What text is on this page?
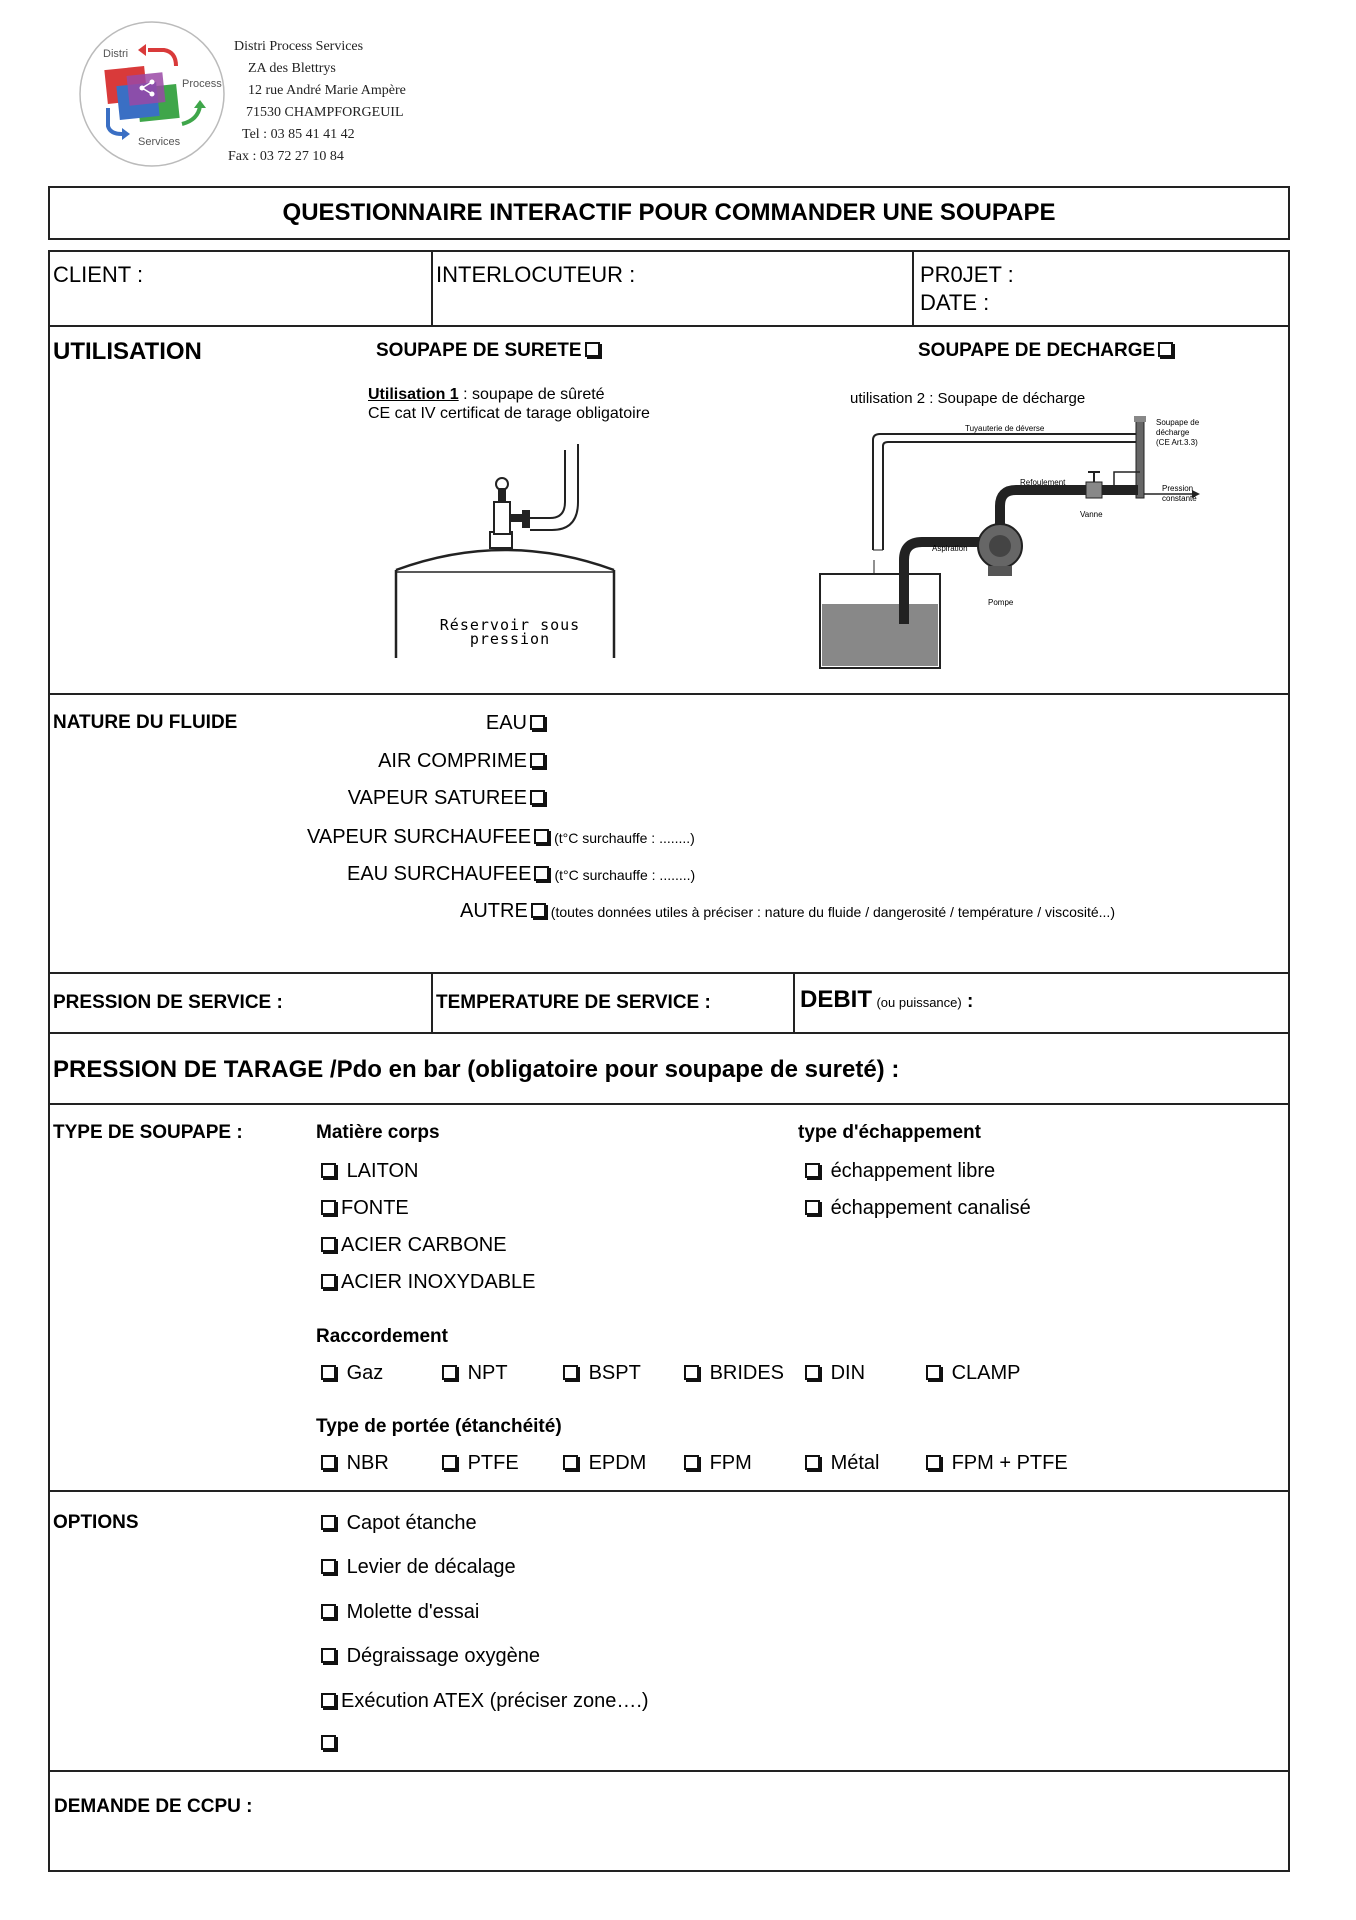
Distri
Process
Services
Distri Process Services
ZA des Blettrys
12 rue André Marie Ampère
71530 CHAMPFORGEUIL
Tel : 03 85 41 41 42
Fax : 03 72 27 10 84
QUESTIONNAIRE INTERACTIF POUR COMMANDER UNE SOUPAPE
CLIENT :	INTERLOCUTEUR :	PR0JET :
DATE :
UTILISATION	SOUPAPE DE SURETE	SOUPAPE DE DECHARGE
Utilisation 1 : soupape de sûreté
CE cat IV certificat de tarage obligatoire
Réservoir sous
pression
utilisation 2 : Soupape de décharge
Tuyauterie de déverse
Soupape de
décharge
(CE Art.3.3)
Refoulement
Pression
constante
Vanne
Aspiration
Pompe
NATURE DU FLUIDE	EAU
AIR COMPRIME
VAPEUR SATUREE
VAPEUR SURCHAUFEE (t°C surchauffe : ........)
EAU SURCHAUFEE (t°C surchauffe : ........)
AUTRE (toutes données utiles à préciser : nature du fluide / dangerosité / température / viscosité...)
PRESSION DE SERVICE :	TEMPERATURE DE SERVICE :	DEBIT (ou puissance) :
PRESSION DE TARAGE /Pdo en bar (obligatoire pour soupape de sureté) :
TYPE DE SOUPAPE :	Matière corps	type d'échappement
LAITON
FONTE
ACIER CARBONE
ACIER INOXYDABLE
échappement libre
échappement canalisé
Raccordement
Gaz	NPT	BSPT	BRIDES	DIN	CLAMP
Type de portée (étanchéité)
NBR	PTFE	EPDM	FPM	Métal	FPM + PTFE
OPTIONS	Capot étanche
Levier de décalage
Molette d'essai
Dégraissage oxygène
Exécution ATEX (préciser zone….)
DEMANDE DE CCPU :
